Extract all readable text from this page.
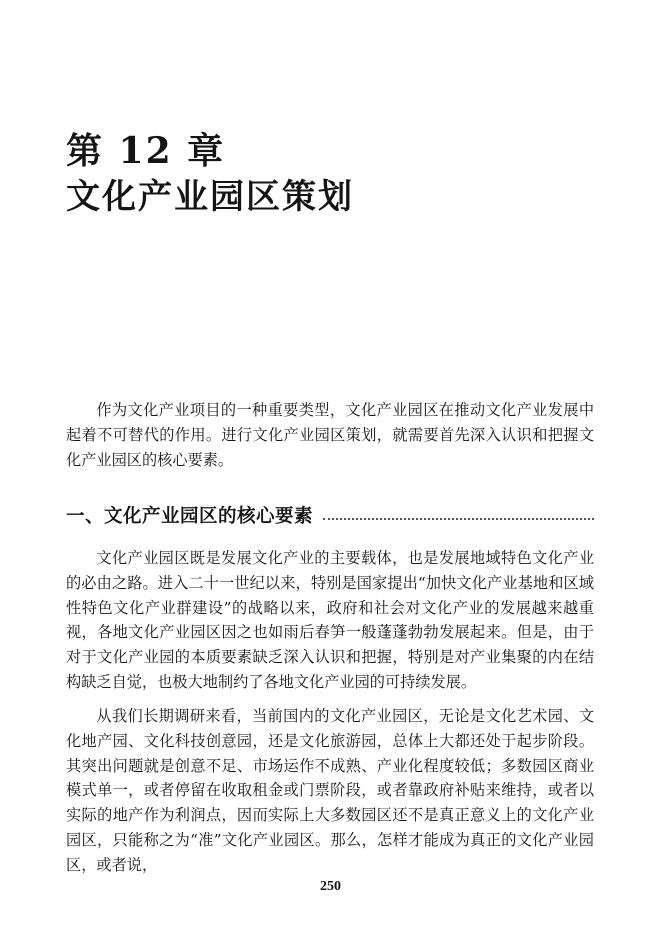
第 12 章
文化产业园区策划

作为文化产业项目的一种重要类型，文化产业园区在推动文化产业发展中起着不可替代的作用。进行文化产业园区策划，就需要首先深入认识和把握文化产业园区的核心要素。

一、文化产业园区的核心要素

文化产业园区既是发展文化产业的主要载体，也是发展地域特色文化产业的必由之路。进入二十一世纪以来，特别是国家提出“加快文化产业基地和区域性特色文化产业群建设”的战略以来，政府和社会对文化产业的发展越来越重视，各地文化产业园区因之也如雨后春笋一般蓬蓬勃勃发展起来。但是，由于对于文化产业园的本质要素缺乏深入认识和把握，特别是对产业集聚的内在结构缺乏自觉，也极大地制约了各地文化产业园的可持续发展。

从我们长期调研来看，当前国内的文化产业园区，无论是文化艺术园、文化地产园、文化科技创意园，还是文化旅游园，总体上大都还处于起步阶段。其突出问题就是创意不足、市场运作不成熟、产业化程度较低；多数园区商业模式单一，或者停留在收取租金或门票阶段，或者靠政府补贴来维持，或者以实际的地产作为利润点，因而实际上大多数园区还不是真正意义上的文化产业园区，只能称之为“准”文化产业园区。那么，怎样才能成为真正的文化产业园区，或者说，

250
